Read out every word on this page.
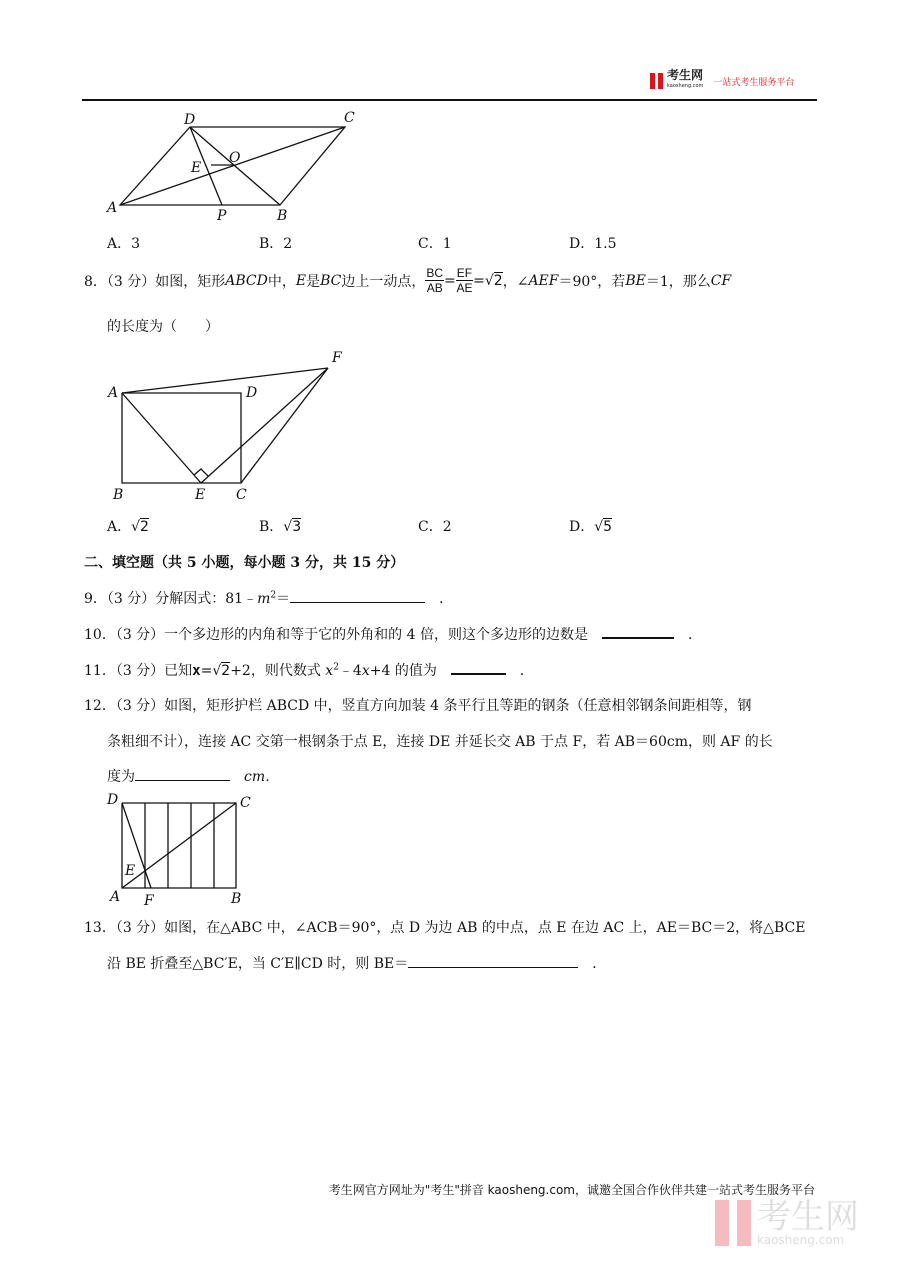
考生网
kaosheng.com 一站式考生服务平台
D	C
O
E
A	P	B
A．3	B．2	C．1	D．1.5
8．（3 分）如图，矩形 ABCD 中， E 是 BC 边上一动点， $\frac{BC}{AB} = \frac{EF}{AE} = √2$ ，∠ AEF ＝90°，若 BE ＝1，那么 CF
的长度为（　　）
A	D
F
B	E C
A．√2	B．√3	C．2	D．√5
二、填空题（共 5 小题，每小题 3 分，共 15 分）
9．（3 分）分解因式：$81﹣m^2=$　	．
10．（3 分）一个多边形的内角和等于它的外角和的 4 倍，则这个多边形的边数是　　	．
11．（3 分）已知x=√2+2，则代数式 $x^2﹣4x+4$ 的值为　　	．
12．（3 分）如图，矩形护栏 ABCD 中，竖直方向加装 4 条平行且等距的钢条（任意相邻钢条间距相等，钢
条粗细不计），连接 AC 交第一根钢条于点 E，连接 DE 并延长交 AB 于点 F，若 AB＝60cm，则 AF 的长
度为　	cm．
D	C
E
A F	B
13．（3 分）如图，在△ABC 中，∠ACB＝90°，点 D 为边 AB 的中点，点 E 在边 AC 上，AE＝BC＝2，将△BCE
沿 BE 折叠至△BC′E，当 C′E∥CD 时，则 BE＝　	．
考生网官方网址为"考生"拼音 kaosheng.com，诚邀全国合作伙伴共建一站式考生服务平台
考生网
kaosheng.com
